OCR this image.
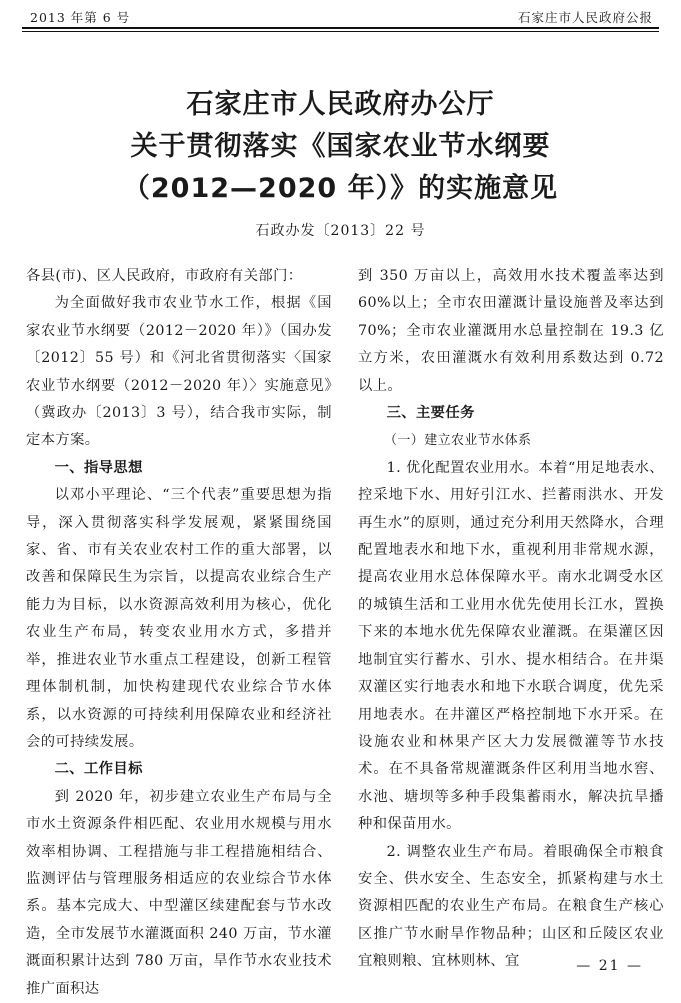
2013 年第 6 号	石家庄市人民政府公报
石家庄市人民政府办公厅
关于贯彻落实《国家农业节水纲要
（2012—2020 年）》的实施意见
石政办发〔2013〕22 号

各县(市)、区人民政府，市政府有关部门：

为全面做好我市农业节水工作，根据《国家农业节水纲要（2012－2020 年）》（国办发〔2012〕55 号）和《河北省贯彻落实〈国家农业节水纲要（2012－2020 年）〉实施意见》（冀政办〔2013〕3 号），结合我市实际，制定本方案。

一、指导思想

以邓小平理论、“三个代表”重要思想为指导，深入贯彻落实科学发展观，紧紧围绕国家、省、市有关农业农村工作的重大部署，以改善和保障民生为宗旨，以提高农业综合生产能力为目标，以水资源高效利用为核心，优化农业生产布局，转变农业用水方式，多措并举，推进农业节水重点工程建设，创新工程管理体制机制，加快构建现代农业综合节水体系，以水资源的可持续利用保障农业和经济社会的可持续发展。

二、工作目标

到 2020 年，初步建立农业生产布局与全市水土资源条件相匹配、农业用水规模与用水效率相协调、工程措施与非工程措施相结合、监测评估与管理服务相适应的农业综合节水体系。基本完成大、中型灌区续建配套与节水改造，全市发展节水灌溉面积 240 万亩，节水灌溉面积累计达到 780 万亩，旱作节水农业技术推广面积达

到 350 万亩以上，高效用水技术覆盖率达到 60%以上；全市农田灌溉计量设施普及率达到 70%；全市农业灌溉用水总量控制在 19.3 亿立方米，农田灌溉水有效利用系数达到 0.72 以上。

三、主要任务
（一）建立农业节水体系

1. 优化配置农业用水。本着“用足地表水、控采地下水、用好引江水、拦蓄雨洪水、开发再生水”的原则，通过充分利用天然降水，合理配置地表水和地下水，重视利用非常规水源，提高农业用水总体保障水平。南水北调受水区的城镇生活和工业用水优先使用长江水，置换下来的本地水优先保障农业灌溉。在渠灌区因地制宜实行蓄水、引水、提水相结合。在井渠双灌区实行地表水和地下水联合调度，优先采用地表水。在井灌区严格控制地下水开采。在设施农业和林果产区大力发展微灌等节水技术。在不具备常规灌溉条件区利用当地水窖、水池、塘坝等多种手段集蓄雨水，解决抗旱播种和保苗用水。

2. 调整农业生产布局。着眼确保全市粮食安全、供水安全、生态安全，抓紧构建与水土资源相匹配的农业生产布局。在粮食生产核心区推广节水耐旱作物品种；山区和丘陵区农业宜粮则粮、宜林则林、宜	— 21 —
